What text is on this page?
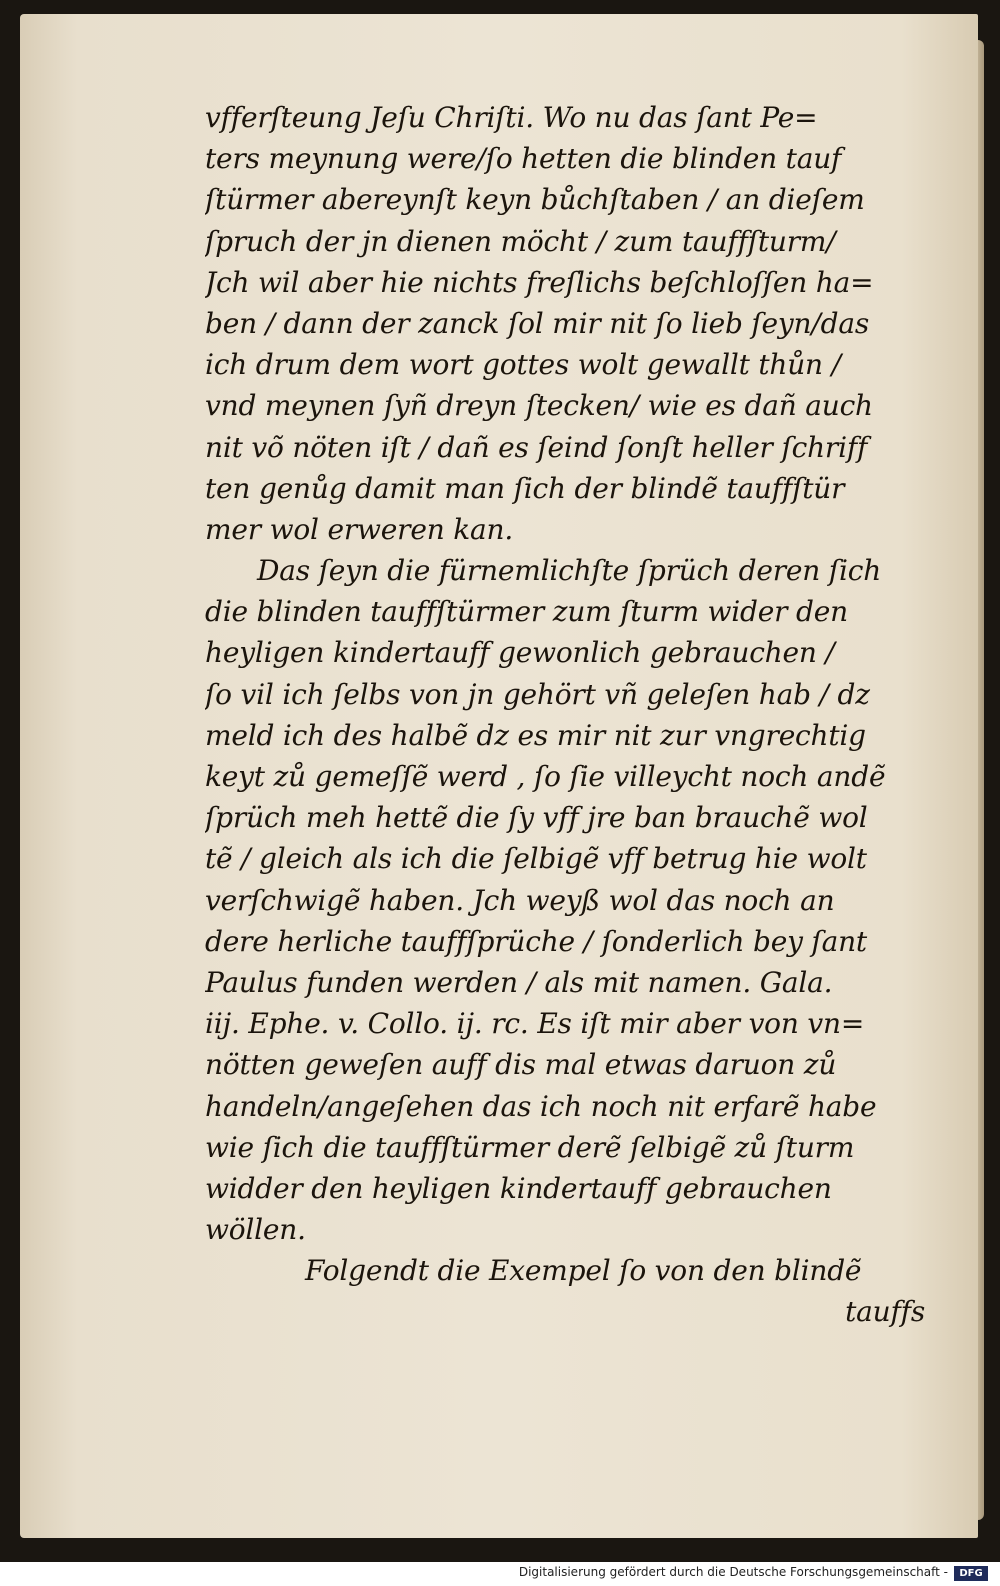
vfferſteung Jeſu Chriſti. Wo nu das ſant Pe=
ters meynung were/ſo hetten die blinden tauf
ſtürmer abereynſt keyn bůchſtaben / an dieſem
ſpruch der jn dienen möcht / zum tauffſturm/
Jch wil aber hie nichts freſlichs beſchloſſen ha=
ben / dann der zanck ſol mir nit ſo lieb ſeyn/das
ich drum dem wort gottes wolt gewallt thůn /
vnd meynen ſyñ dreyn ſtecken/ wie es dañ auch
nit võ nöten iſt / dañ es ſeind ſonſt heller ſchriff
ten genůg damit man ſich der blindẽ tauffſtür
mer wol erweren kan.
Das ſeyn die fürnemlichſte ſprüch deren ſich
die blinden tauffſtürmer zum ſturm wider den
heyligen kindertauff gewonlich gebrauchen /
ſo vil ich ſelbs von jn gehört vñ geleſen hab / dz
meld ich des halbẽ dz es mir nit zur vngrechtig
keyt zů gemeſſẽ werd , ſo ſie villeycht noch andẽ
ſprüch meh hettẽ die ſy vff jre ban brauchẽ wol
tẽ / gleich als ich die ſelbigẽ vff betrug hie wolt
verſchwigẽ haben. Jch weyß wol das noch an
dere herliche tauffſprüche / ſonderlich bey ſant
Paulus funden werden / als mit namen. Gala.
iij. Ephe. v. Collo. ij. rc. Es iſt mir aber von vn=
nötten geweſen auff dis mal etwas daruon zů
handeln/angeſehen das ich noch nit erfarẽ habe
wie ſich die tauffſtürmer derẽ ſelbigẽ zů ſturm
widder den heyligen kindertauff gebrauchen
wöllen.
Folgendt die Exempel ſo von den blindẽ
tauffs
Digitalisierung gefördert durch die Deutsche Forschungsgemeinschaft -	DFG
